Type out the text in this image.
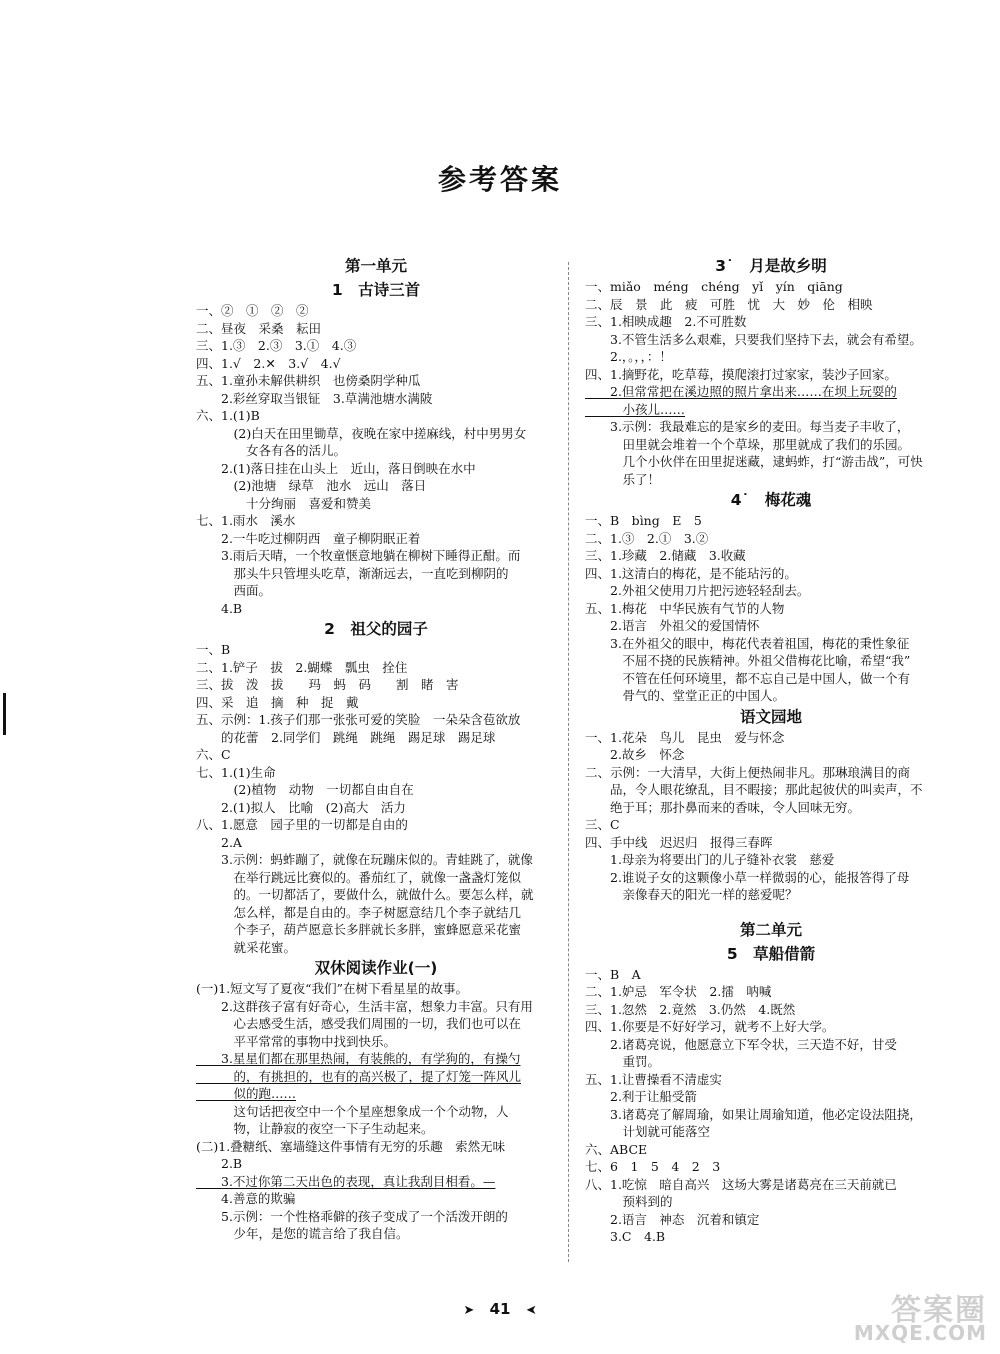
参考答案
第一单元
1　古诗三首
一、②　①　②　②
二、昼夜　采桑　耘田
三、1.③　2.③　3.①　4.③
四、1.√　2.✕　3.√　4.√
五、1.童孙未解供耕织　也傍桑阴学种瓜
　　2.彩丝穿取当银钲　3.草满池塘水满陂
六、1.(1)B
　　　(2)白天在田里锄草，夜晚在家中搓麻线，村中男男女
　　　　女各有各的活儿。
　　2.(1)落日挂在山头上　近山，落日倒映在水中
　　　(2)池塘　绿草　池水　远山　落日
　　　　十分绚丽　喜爱和赞美
七、1.雨水　溪水
　　2.一牛吃过柳阴西　童子柳阴眠正着
　　3.雨后天晴，一个牧童惬意地躺在柳树下睡得正酣。而
　　　那头牛只管埋头吃草，渐渐远去，一直吃到柳阴的
　　　西面。
　　4.B
2　祖父的园子
一、B
二、1.铲子　拔　2.蝴蝶　瓢虫　拴住
三、拔　泼　拔　　玛　蚂　码　　割　睹　害
四、采　追　摘　种　捉　戴
五、示例：1.孩子们那一张张可爱的笑脸　一朵朵含苞欲放
　　的花蕾　2.同学们　跳绳　跳绳　踢足球　踢足球
六、C
七、1.(1)生命
　　　(2)植物　动物　一切都自由自在
　　2.(1)拟人　比喻　(2)高大　活力
八、1.愿意　园子里的一切都是自由的
　　2.A
　　3.示例：蚂蚱蹦了，就像在玩蹦床似的。青蛙跳了，就像
　　　在举行跳远比赛似的。番茄红了，就像一盏盏灯笼似
　　　的。一切都活了，要做什么，就做什么。要怎么样，就
　　　怎么样，都是自由的。李子树愿意结几个李子就结几
　　　个李子，葫芦愿意长多胖就长多胖，蜜蜂愿意采花蜜
　　　就采花蜜。
双休阅读作业(一)
(一)1.短文写了夏夜“我们”在树下看星星的故事。
　　2.这群孩子富有好奇心，生活丰富，想象力丰富。只有用
　　　心去感受生活，感受我们周围的一切，我们也可以在
　　　平平常常的事物中找到快乐。
　　3.星星们都在那里热闹，有装熊的，有学狗的，有操勺
　　　的，有挑担的，也有的高兴极了，提了灯笼一阵风儿
　　　似的跑……
　　　这句话把夜空中一个个星座想象成一个个动物，人
　　　物，让静寂的夜空一下子生动起来。
(二)1.叠糖纸、塞墙缝这件事情有无穷的乐趣　索然无味
　　2.B
　　3.不过你第二天出色的表现，真让我刮目相看。—
　　4.善意的欺骗
　　5.示例：一个性格乖僻的孩子变成了一个活泼开朗的
　　　少年，是您的谎言给了我自信。
3˙　月是故乡明
一、miǎo　méng　chéng　yǐ　yín　qiāng
二、辰　景　此　疲　可胜　忧　大　妙　伦　相映
三、1.相映成趣　2.不可胜数
　　3.不管生活多么艰难，只要我们坚持下去，就会有希望。
　　2.，。，，：！
四、1.摘野花，吃草莓，摸爬滚打过家家，装沙子回家。
　　2.但常常把在溪边照的照片拿出来……在坝上玩耍的
　　　小孩儿……
　　3.示例：我最难忘的是家乡的麦田。每当麦子丰收了，
　　　田里就会堆着一个个草垛，那里就成了我们的乐园。
　　　几个小伙伴在田里捉迷藏，逮蚂蚱，打“游击战”，可快
　　　乐了！
4˙　梅花魂
一、B　bìng　E　5
二、1.③　2.①　3.②
三、1.珍藏　2.储藏　3.收藏
四、1.这清白的梅花，是不能玷污的。
　　2.外祖父使用刀片把污迹轻轻刮去。
五、1.梅花　中华民族有气节的人物
　　2.语言　外祖父的爱国情怀
　　3.在外祖父的眼中，梅花代表着祖国，梅花的秉性象征
　　　不屈不挠的民族精神。外祖父借梅花比喻，希望“我”
　　　不管在任何环境里，都不忘自己是中国人，做一个有
　　　骨气的、堂堂正正的中国人。
语文园地
一、1.花朵　鸟儿　昆虫　爱与怀念
　　2.故乡　怀念
二、示例：一大清早，大街上便热闹非凡。那琳琅满目的商
　　品，令人眼花缭乱，目不暇接；那此起彼伏的叫卖声，不
　　绝于耳；那扑鼻而来的香味，令人回味无穷。
三、C
四、手中线　迟迟归　报得三春晖
　　1.母亲为将要出门的儿子缝补衣裳　慈爱
　　2.谁说子女的这颗像小草一样微弱的心，能报答得了母
　　　亲像春天的阳光一样的慈爱呢？
第二单元
5　草船借箭
一、B　A
二、1.妒忌　军令状　2.擂　呐喊
三、1.忽然　2.竟然　3.仍然　4.既然
四、1.你要是不好好学习，就考不上好大学。
　　2.诸葛亮说，他愿意立下军令状，三天造不好，甘受
　　　重罚。
五、1.让曹操看不清虚实
　　2.利于让船受箭
　　3.诸葛亮了解周瑜，如果让周瑜知道，他必定设法阻挠，
　　　计划就可能落空
六、ABCE
七、6　1　5　4　2　3
八、1.吃惊　暗自高兴　这场大雾是诸葛亮在三天前就已
　　　预料到的
　　2.语言　神态　沉着和镇定
　　3.C　4.B
➤ 41 ➤	答案圈
MXQE.COM
